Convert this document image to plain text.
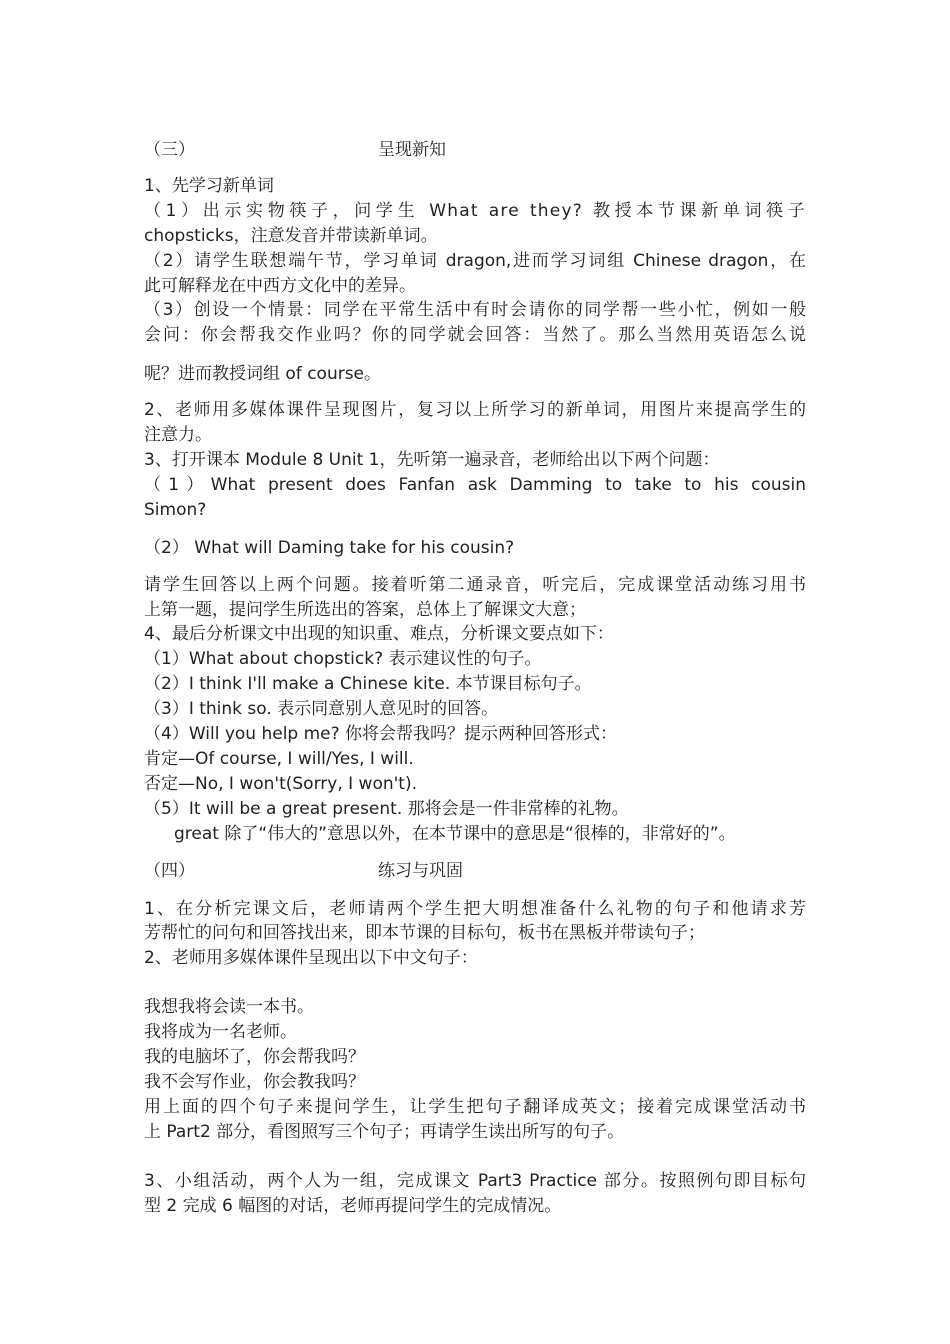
（三）	呈现新知
1、先学习新单词
（1）出示实物筷子，问学生 What are they? 教授本节课新单词筷子
chopsticks，注意发音并带读新单词。
（2）请学生联想端午节，学习单词 dragon,进而学习词组 Chinese dragon，在
此可解释龙在中西方文化中的差异。
（3）创设一个情景：同学在平常生活中有时会请你的同学帮一些小忙，例如一般
会问：你会帮我交作业吗？你的同学就会回答：当然了。那么当然用英语怎么说
呢？进而教授词组 of course。
2、老师用多媒体课件呈现图片，复习以上所学习的新单词，用图片来提高学生的
注意力。
3、打开课本 Module 8 Unit 1，先听第一遍录音，老师给出以下两个问题：
（1）What present does Fanfan ask Damming to take to his cousin
Simon?
（2） What will Daming take for his cousin?
请学生回答以上两个问题。接着听第二通录音，听完后，完成课堂活动练习用书
上第一题，提问学生所选出的答案，总体上了解课文大意；
4、最后分析课文中出现的知识重、难点，分析课文要点如下：
（1）What about chopstick? 表示建议性的句子。
（2）I think I'll make a Chinese kite. 本节课目标句子。
（3）I think so. 表示同意别人意见时的回答。
（4）Will you help me? 你将会帮我吗？提示两种回答形式：
肯定—Of course, I will/Yes, I will.
否定—No, I won't(Sorry, I won't).
（5）It will be a great present. 那将会是一件非常棒的礼物。
great 除了“伟大的”意思以外，在本节课中的意思是“很棒的，非常好的”。
（四）	练习与巩固
1、在分析完课文后，老师请两个学生把大明想准备什么礼物的句子和他请求芳
芳帮忙的问句和回答找出来，即本节课的目标句，板书在黑板并带读句子；
2、老师用多媒体课件呈现出以下中文句子：
我想我将会读一本书。
我将成为一名老师。
我的电脑坏了，你会帮我吗？
我不会写作业，你会教我吗？
用上面的四个句子来提问学生，让学生把句子翻译成英文；接着完成课堂活动书
上 Part2 部分，看图照写三个句子；再请学生读出所写的句子。
3、小组活动，两个人为一组，完成课文 Part3 Practice 部分。按照例句即目标句
型 2 完成 6 幅图的对话，老师再提问学生的完成情况。
